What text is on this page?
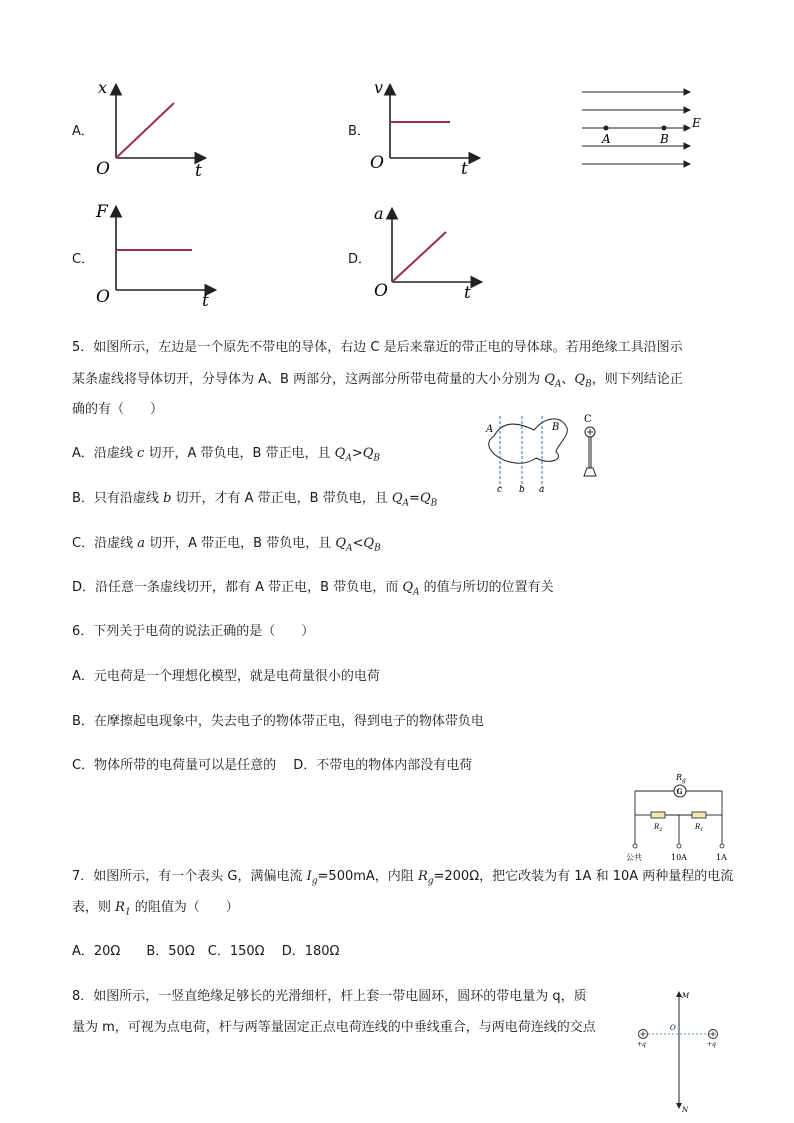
A．
x
O	t
B．
v
O	t
C．
F
O	t
D．
a
O	t
A	B
E
5．如图所示，左边是一个原先不带电的导体，右边 C 是后来靠近的带正电的导体球。若用绝缘工具沿图示
某条虚线将导体切开，分导体为 A、B 两部分，这两部分所带电荷量的大小分别为 $Q_A$、$Q_B$，则下列结论正
确的有（　　）
A	B
c b a
C
A．沿虚线 c 切开，A 带负电，B 带正电，且 $Q_A>Q_B$
B．只有沿虚线 b 切开，才有 A 带正电，B 带负电，且 $Q_A=Q_B$
C．沿虚线 a 切开，A 带正电，B 带负电，且 $Q_A<Q_B$
D．沿任意一条虚线切开，都有 A 带正电，B 带负电，而 $Q_A$ 的值与所切的位置有关
6．下列关于电荷的说法正确的是（　　）
A．元电荷是一个理想化模型，就是电荷量很小的电荷
B．在摩擦起电现象中，失去电子的物体带正电，得到电子的物体带负电
C．物体所带的电荷量可以是任意的　 D．不带电的物体内部没有电荷
$R_g$
G
$R_2$	$R_1$
公共	10A	1A
7．如图所示，有一个表头 G，满偏电流 $I_g=500mA$，内阻 $R_g=200\Omega$，把它改装为有 1A 和 10A 两种量程的电流
表，则 $R_1$ 的阻值为（　　）
A．20Ω　　B．50Ω　C．150Ω　 D．180Ω
8．如图所示，一竖直绝缘足够长的光滑细杆，杆上套一带电圆环，圆环的带电量为 q，质
量为 m，可视为点电荷，杆与两等量固定正点电荷连线的中垂线重合，与两电荷连线的交点
M
N
O
+q	+q
